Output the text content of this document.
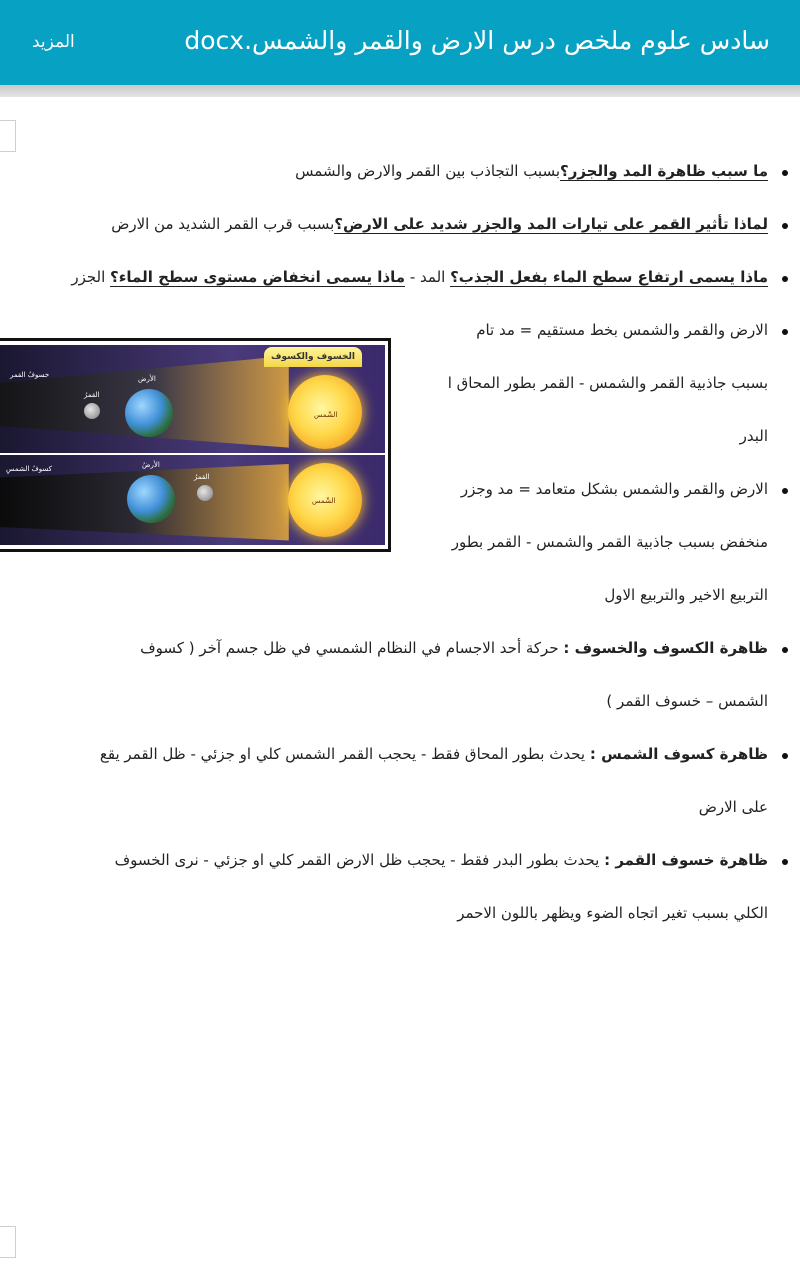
سادس علوم ملخص درس الارض والقمر والشمس.docx
المزيد
ما سبب ظاهرة المد والجزر؟بسبب التجاذب بين القمر والارض والشمس
لماذا تأثير القمر على تيارات المد والجزر شديد على الارض؟بسبب قرب القمر الشديد من الارض
ماذا يسمى ارتفاع سطح الماء بفعل الجذب؟ المد - ماذا يسمى انخفاض مستوى سطح الماء؟ الجزر
الارض والقمر والشمس بخط مستقيم = مد تام
بسبب جاذبية القمر والشمس - القمر بطور المحاق ا
البدر
الارض والقمر والشمس بشكل متعامد = مد وجزر
منخفض بسبب جاذبية القمر والشمس - القمر بطور
التربيع الاخير والتربيع الاول
ظاهرة الكسوف والخسوف : حركة أحد الاجسام في النظام الشمسي في ظل جسم آخر ( كسوف
الشمس – خسوف القمر )
ظاهرة كسوف الشمس : يحدث بطور المحاق فقط - يحجب القمر الشمس كلي او جزئي - ظل القمر يقع
على الارض
ظاهرة خسوف القمر : يحدث بطور البدر فقط - يحجب ظل الارض القمر كلي او جزئي - نرى الخسوف
الكلي بسبب تغير اتجاه الضوء ويظهر باللون الاحمر
خسوفُ القمر	الأرض
القمرُ
الشّمس
الخسوف والكسوف
كسوفُ الشمسِ	الأرضُ
القمرُ
الشّمس
